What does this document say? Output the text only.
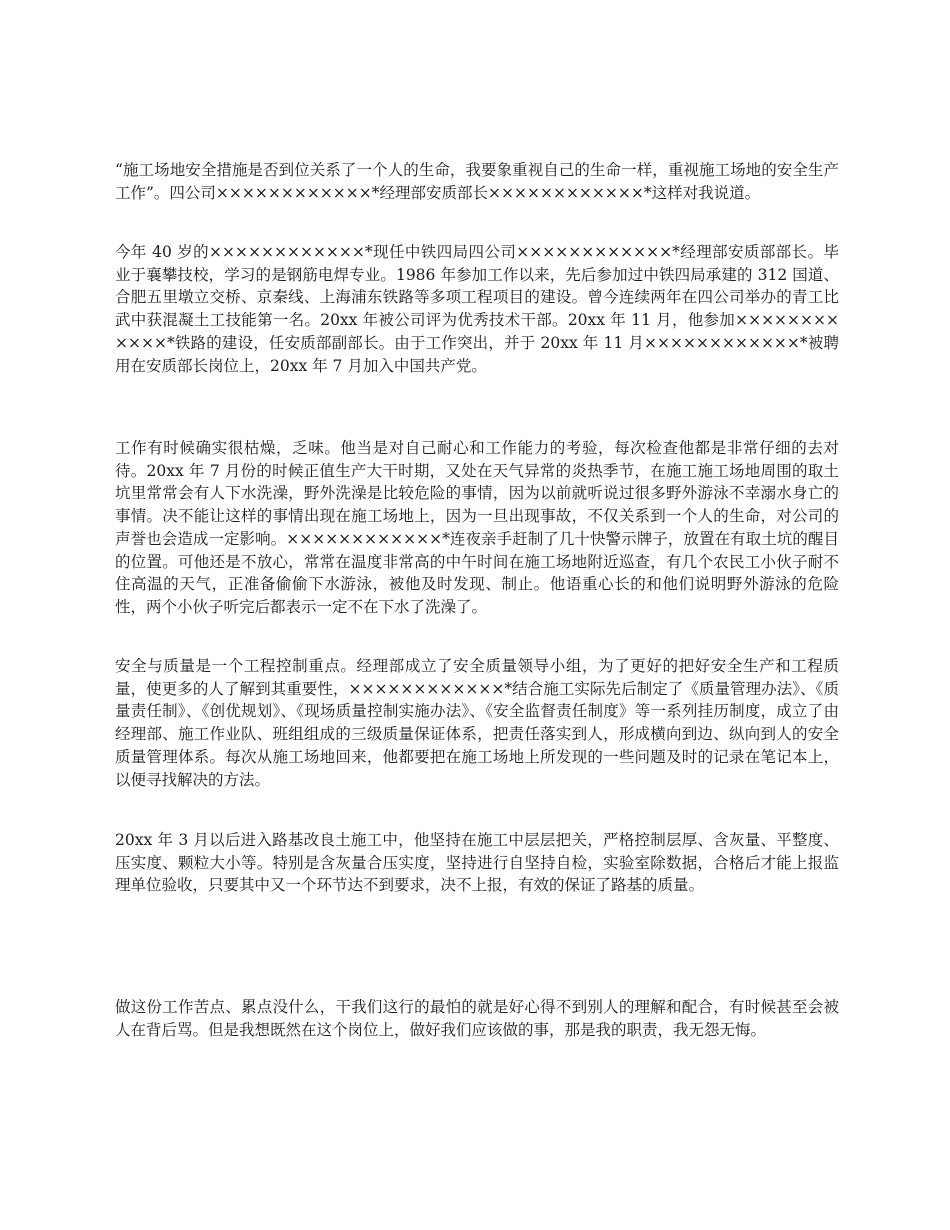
“施工场地安全措施是否到位关系了一个人的生命，我要象重视自己的生命一样，重视施工场地的安全生产工作”。四公司××××××××××××*经理部安质部长××××××××××××*这样对我说道。

今年 40 岁的××××××××××××*现任中铁四局四公司××××××××××××*经理部安质部部长。毕业于襄攀技校，学习的是钢筋电焊专业。1986 年参加工作以来，先后参加过中铁四局承建的 312 国道、合肥五里墩立交桥、京秦线、上海浦东铁路等多项工程项目的建设。曾今连续两年在四公司举办的青工比武中获混凝土工技能第一名。20xx 年被公司评为优秀技术干部。20xx 年 11 月，他参加××××××××××××*铁路的建设，任安质部副部长。由于工作突出，并于 20xx 年 11 月××××××××××××*被聘用在安质部长岗位上，20xx 年 7 月加入中国共产党。

工作有时候确实很枯燥，乏味。他当是对自己耐心和工作能力的考验，每次检查他都是非常仔细的去对待。20xx 年 7 月份的时候正值生产大干时期，又处在天气异常的炎热季节，在施工施工场地周围的取土坑里常常会有人下水洗澡，野外洗澡是比较危险的事情，因为以前就听说过很多野外游泳不幸溺水身亡的事情。决不能让这样的事情出现在施工场地上，因为一旦出现事故，不仅关系到一个人的生命，对公司的声誉也会造成一定影响。××××××××××××*连夜亲手赶制了几十快警示牌子，放置在有取土坑的醒目的位置。可他还是不放心，常常在温度非常高的中午时间在施工场地附近巡查，有几个农民工小伙子耐不住高温的天气，正准备偷偷下水游泳，被他及时发现、制止。他语重心长的和他们说明野外游泳的危险性，两个小伙子听完后都表示一定不在下水了洗澡了。

安全与质量是一个工程控制重点。经理部成立了安全质量领导小组，为了更好的把好安全生产和工程质量，使更多的人了解到其重要性，××××××××××××*结合施工实际先后制定了《质量管理办法》、《质量责任制》、《创优规划》、《现场质量控制实施办法》、《安全监督责任制度》等一系列挂历制度，成立了由经理部、施工作业队、班组组成的三级质量保证体系，把责任落实到人，形成横向到边、纵向到人的安全质量管理体系。每次从施工场地回来，他都要把在施工场地上所发现的一些问题及时的记录在笔记本上，以便寻找解决的方法。

20xx 年 3 月以后进入路基改良土施工中，他坚持在施工中层层把关，严格控制层厚、含灰量、平整度、压实度、颗粒大小等。特别是含灰量合压实度，坚持进行自坚持自检，实验室除数据，合格后才能上报监理单位验收，只要其中又一个环节达不到要求，决不上报，有效的保证了路基的质量。

做这份工作苦点、累点没什么，干我们这行的最怕的就是好心得不到别人的理解和配合，有时候甚至会被人在背后骂。但是我想既然在这个岗位上，做好我们应该做的事，那是我的职责，我无怨无悔。
